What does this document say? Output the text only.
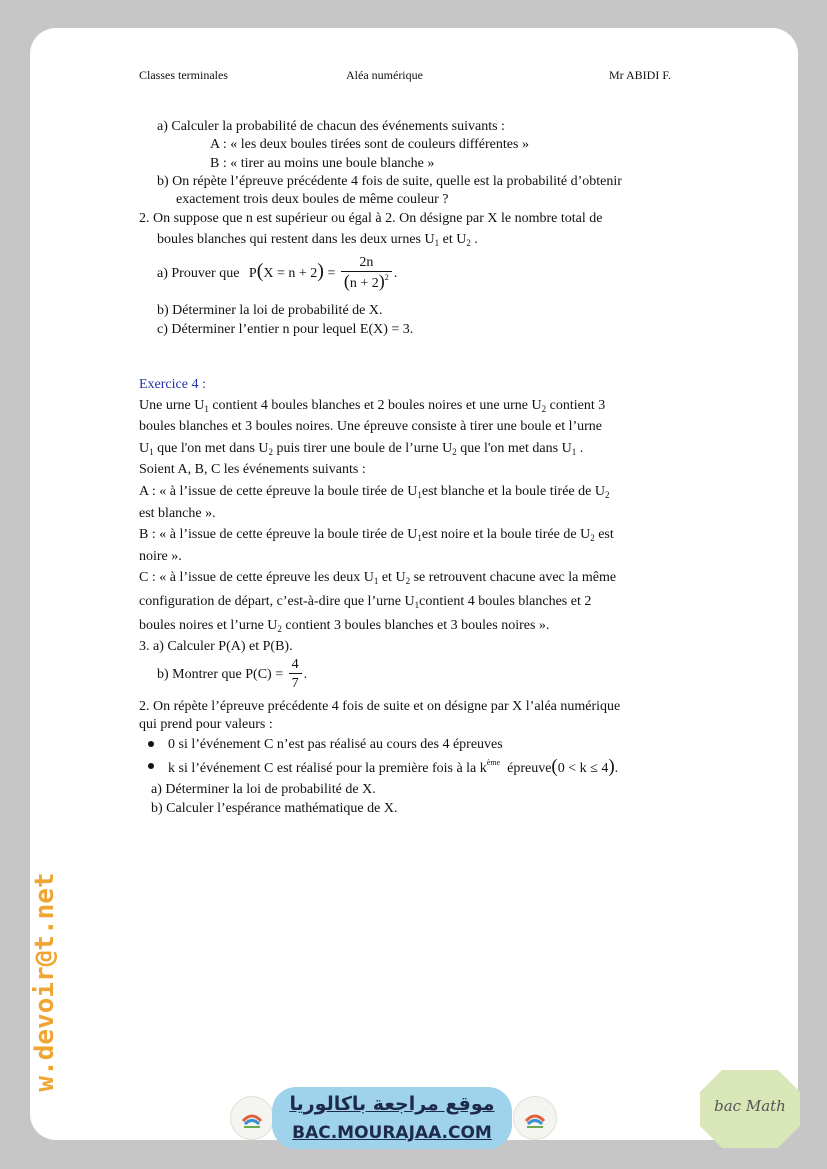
Classes terminales	Aléa numérique	Mr ABIDI F.
a) Calculer la probabilité de chacun des événements suivants :
A : « les deux boules tirées sont de couleurs différentes »
B : « tirer au moins une boule blanche »
b) On répète l’épreuve précédente 4 fois de suite, quelle est la probabilité d’obtenir
exactement trois deux boules de même couleur ?
2. On suppose que n est supérieur ou égal à 2. On désigne par X le nombre total de
boules blanches qui restent dans les deux urnes $U_1$ et $U_2$ .
a) Prouver que $P(X = n + 2) = \frac{2n}{(n + 2)^2}$ .
b) Déterminer la loi de probabilité de X.
c) Déterminer l’entier n pour lequel E(X) = 3.
Exercice 4 :
Une urne $U_1$ contient 4 boules blanches et 2 boules noires et une urne $U_2$ contient 3
boules blanches et 3 boules noires. Une épreuve consiste à tirer une boule et l’urne
$U_1$ que l'on met dans $U_2$ puis tirer une boule de l’urne $U_2$ que l'on met dans $U_1$ .
Soient A, B, C les événements suivants :
A : « à l’issue de cette épreuve la boule tirée de $U_1est$ blanche et la boule tirée de $U_2$
est blanche ».
B : « à l’issue de cette épreuve la boule tirée de $U_1est$ noire et la boule tirée de $U_2$ est
noire ».
C : « à l’issue de cette épreuve les deux $U_1$ et $U_2$ se retrouvent chacune avec la même
configuration de départ, c’est-à-dire que l’urne $U_1contient$ 4 boules blanches et 2
boules noires et l’urne $U_2$ contient 3 boules blanches et 3 boules noires ».
3. a) Calculer P(A) et P(B).
b) Montrer que $P(C) = \frac{4}{7}$ .
2. On répète l’épreuve précédente 4 fois de suite et on désigne par X l’aléa numérique
qui prend pour valeurs :
0 si l’événement C n’est pas réalisé au cours des 4 épreuves
k si l’événement C est réalisé pour la première fois à la $k^{ème}$ épreuve(0 < k ≤ 4).
a) Déterminer la loi de probabilité de X.
b) Calculer l’espérance mathématique de X.
w.devoir@t.net
موقع مراجعة باكالوريا
BAC.MOURAJAA.COM
bac Math
